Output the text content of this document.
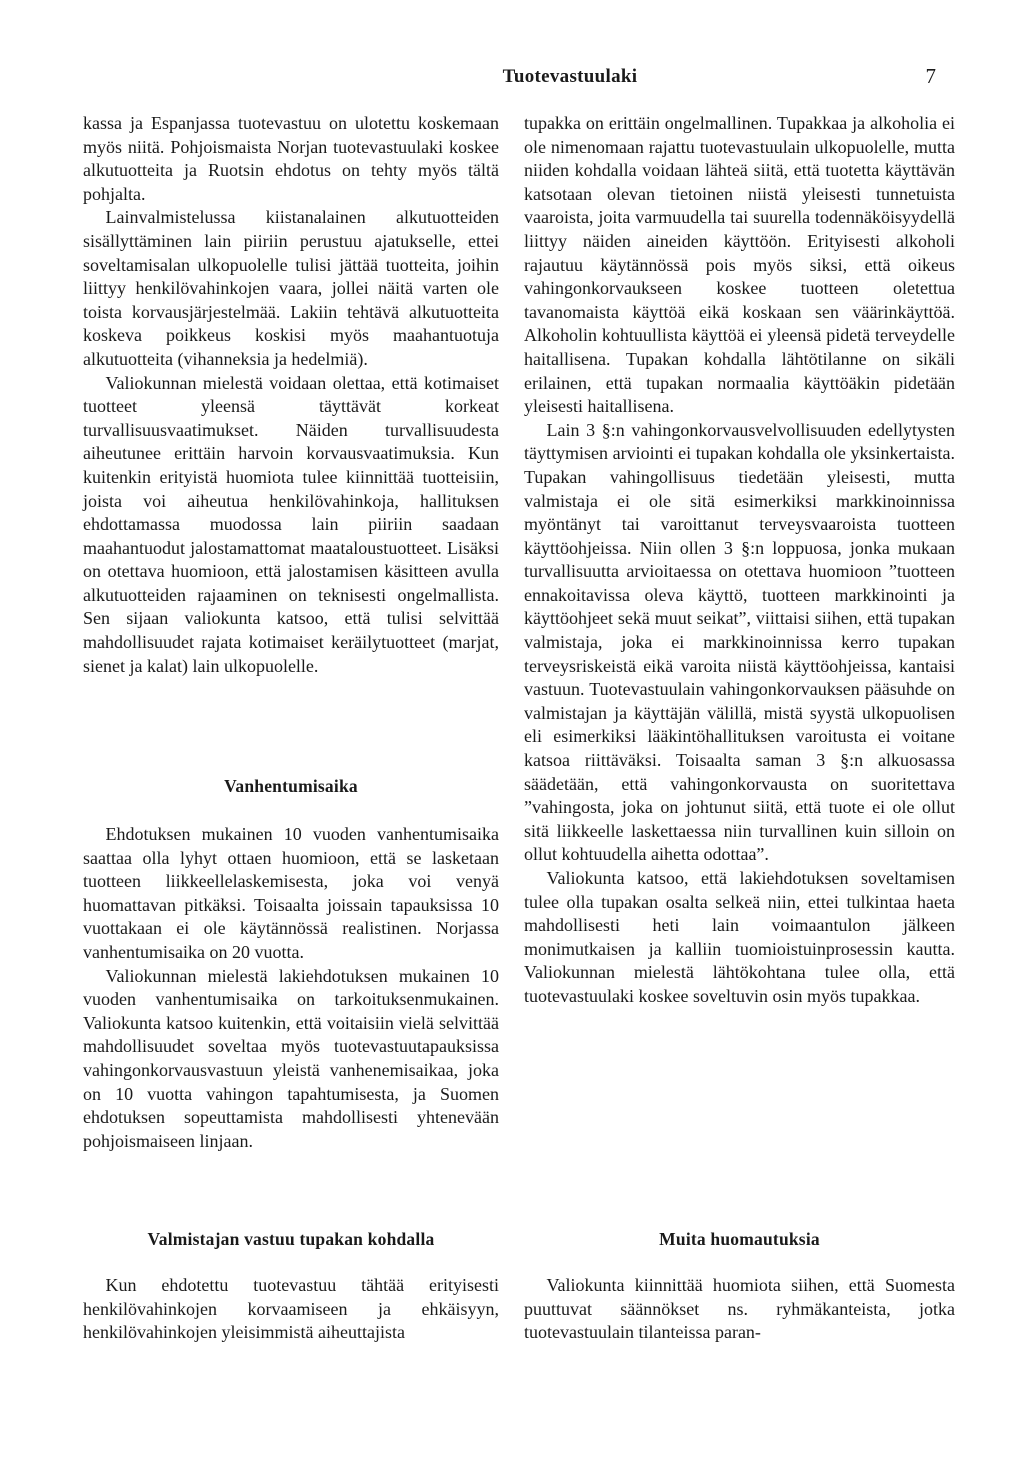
Tuotevastuulaki	7

kassa ja Espanjassa tuotevastuu on ulotettu koskemaan myös niitä. Pohjoismaista Norjan tuotevastuulaki koskee alkutuotteita ja Ruotsin ehdotus on tehty myös tältä pohjalta.

Lainvalmistelussa kiistanalainen alkutuotteiden sisällyttäminen lain piiriin perustuu ajatukselle, ettei soveltamisalan ulkopuolelle tulisi jättää tuotteita, joihin liittyy henkilövahinkojen vaara, jollei näitä varten ole toista korvausjärjestelmää. Lakiin tehtävä alkutuotteita koskeva poikkeus koskisi myös maahantuotuja alkutuotteita (vihanneksia ja hedelmiä).

Valiokunnan mielestä voidaan olettaa, että kotimaiset tuotteet yleensä täyttävät korkeat turvallisuusvaatimukset. Näiden turvallisuudesta aiheutunee erittäin harvoin korvausvaatimuksia. Kun kuitenkin erityistä huomiota tulee kiinnittää tuotteisiin, joista voi aiheutua henkilövahinkoja, hallituksen ehdottamassa muodossa lain piiriin saadaan maahantuodut jalostamattomat maataloustuotteet. Lisäksi on otettava huomioon, että jalostamisen käsitteen avulla alkutuotteiden rajaaminen on teknisesti ongelmallista. Sen sijaan valiokunta katsoo, että tulisi selvittää mahdollisuudet rajata kotimaiset keräilytuotteet (marjat, sienet ja kalat) lain ulkopuolelle.

Vanhentumisaika

Ehdotuksen mukainen 10 vuoden vanhentumisaika saattaa olla lyhyt ottaen huomioon, että se lasketaan tuotteen liikkeellelaskemisesta, joka voi venyä huomattavan pitkäksi. Toisaalta joissain tapauksissa 10 vuottakaan ei ole käytännössä realistinen. Norjassa vanhentumisaika on 20 vuotta.

Valiokunnan mielestä lakiehdotuksen mukainen 10 vuoden vanhentumisaika on tarkoituksenmukainen. Valiokunta katsoo kuitenkin, että voitaisiin vielä selvittää mahdollisuudet soveltaa myös tuotevastuutapauksissa vahingonkorvausvastuun yleistä vanhenemisaikaa, joka on 10 vuotta vahingon tapahtumisesta, ja Suomen ehdotuksen sopeuttamista mahdollisesti yhtenevään pohjoismaiseen linjaan.

Valmistajan vastuu tupakan kohdalla

Kun ehdotettu tuotevastuu tähtää erityisesti henkilövahinkojen korvaamiseen ja ehkäisyyn, henkilövahinkojen yleisimmistä aiheuttajista

tupakka on erittäin ongelmallinen. Tupakkaa ja alkoholia ei ole nimenomaan rajattu tuotevastuulain ulkopuolelle, mutta niiden kohdalla voidaan lähteä siitä, että tuotetta käyttävän katsotaan olevan tietoinen niistä yleisesti tunnetuista vaaroista, joita varmuudella tai suurella todennäköisyydellä liittyy näiden aineiden käyttöön. Erityisesti alkoholi rajautuu käytännössä pois myös siksi, että oikeus vahingonkorvaukseen koskee tuotteen oletettua tavanomaista käyttöä eikä koskaan sen väärinkäyttöä. Alkoholin kohtuullista käyttöä ei yleensä pidetä terveydelle haitallisena. Tupakan kohdalla lähtötilanne on sikäli erilainen, että tupakan normaalia käyttöäkin pidetään yleisesti haitallisena.

Lain 3 §:n vahingonkorvausvelvollisuuden edellytysten täyttymisen arviointi ei tupakan kohdalla ole yksinkertaista. Tupakan vahingollisuus tiedetään yleisesti, mutta valmistaja ei ole sitä esimerkiksi markkinoinnissa myöntänyt tai varoittanut terveysvaaroista tuotteen käyttöohjeissa. Niin ollen 3 §:n loppuosa, jonka mukaan turvallisuutta arvioitaessa on otettava huomioon ”tuotteen ennakoitavissa oleva käyttö, tuotteen markkinointi ja käyttöohjeet sekä muut seikat”, viittaisi siihen, että tupakan valmistaja, joka ei markkinoinnissa kerro tupakan terveysriskeistä eikä varoita niistä käyttöohjeissa, kantaisi vastuun. Tuotevastuulain vahingonkorvauksen pääsuhde on valmistajan ja käyttäjän välillä, mistä syystä ulkopuolisen eli esimerkiksi lääkintöhallituksen varoitusta ei voitane katsoa riittäväksi. Toisaalta saman 3 §:n alkuosassa säädetään, että vahingonkorvausta on suoritettava ”vahingosta, joka on johtunut siitä, että tuote ei ole ollut sitä liikkeelle laskettaessa niin turvallinen kuin silloin on ollut kohtuudella aihetta odottaa”.

Valiokunta katsoo, että lakiehdotuksen soveltamisen tulee olla tupakan osalta selkeä niin, ettei tulkintaa haeta mahdollisesti heti lain voimaantulon jälkeen monimutkaisen ja kalliin tuomioistuinprosessin kautta. Valiokunnan mielestä lähtökohtana tulee olla, että tuotevastuulaki koskee soveltuvin osin myös tupakkaa.

Muita huomautuksia

Valiokunta kiinnittää huomiota siihen, että Suomesta puuttuvat säännökset ns. ryhmäkanteista, jotka tuotevastuulain tilanteissa paran-
